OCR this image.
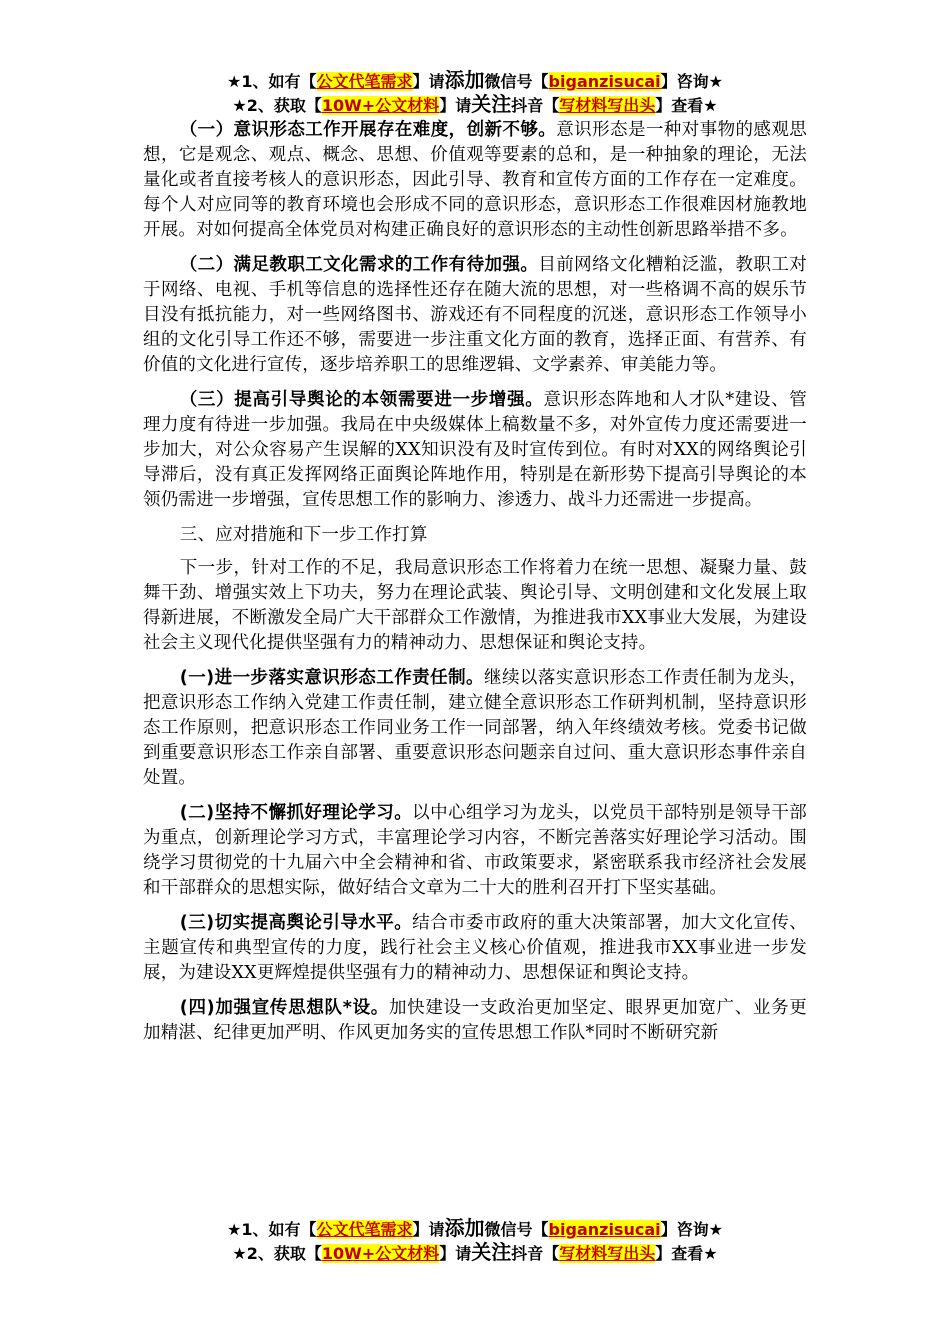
★1、如有【公文代笔需求】请添加微信号【biganzisucai】咨询★
★2、获取【10W+公文材料】请关注抖音【写材料写出头】查看★

（一）意识形态工作开展存在难度，创新不够。意识形态是一种对事物的感观思想，它是观念、观点、概念、思想、价值观等要素的总和，是一种抽象的理论，无法量化或者直接考核人的意识形态，因此引导、教育和宣传方面的工作存在一定难度。每个人对应同等的教育环境也会形成不同的意识形态，意识形态工作很难因材施教地开展。对如何提高全体党员对构建正确良好的意识形态的主动性创新思路举措不多。

（二）满足教职工文化需求的工作有待加强。目前网络文化糟粕泛滥，教职工对于网络、电视、手机等信息的选择性还存在随大流的思想，对一些格调不高的娱乐节目没有抵抗能力，对一些网络图书、游戏还有不同程度的沉迷，意识形态工作领导小组的文化引导工作还不够，需要进一步注重文化方面的教育，选择正面、有营养、有价值的文化进行宣传，逐步培养职工的思维逻辑、文学素养、审美能力等。

（三）提高引导舆论的本领需要进一步增强。意识形态阵地和人才队*建设、管理力度有待进一步加强。我局在中央级媒体上稿数量不多，对外宣传力度还需要进一步加大，对公众容易产生误解的XX知识没有及时宣传到位。有时对XX的网络舆论引导滞后，没有真正发挥网络正面舆论阵地作用，特别是在新形势下提高引导舆论的本领仍需进一步增强，宣传思想工作的影响力、渗透力、战斗力还需进一步提高。

三、应对措施和下一步工作打算

下一步，针对工作的不足，我局意识形态工作将着力在统一思想、凝聚力量、鼓舞干劲、增强实效上下功夫，努力在理论武装、舆论引导、文明创建和文化发展上取得新进展，不断激发全局广大干部群众工作激情，为推进我市XX事业大发展，为建设社会主义现代化提供坚强有力的精神动力、思想保证和舆论支持。

(一)进一步落实意识形态工作责任制。继续以落实意识形态工作责任制为龙头，把意识形态工作纳入党建工作责任制，建立健全意识形态工作研判机制，坚持意识形态工作原则，把意识形态工作同业务工作一同部署，纳入年终绩效考核。党委书记做到重要意识形态工作亲自部署、重要意识形态问题亲自过问、重大意识形态事件亲自处置。

(二)坚持不懈抓好理论学习。以中心组学习为龙头，以党员干部特别是领导干部为重点，创新理论学习方式，丰富理论学习内容，不断完善落实好理论学习活动。围绕学习贯彻党的十九届六中全会精神和省、市政策要求，紧密联系我市经济社会发展和干部群众的思想实际，做好结合文章为二十大的胜利召开打下坚实基础。

(三)切实提高舆论引导水平。结合市委市政府的重大决策部署，加大文化宣传、主题宣传和典型宣传的力度，践行社会主义核心价值观，推进我市XX事业进一步发展，为建设XX更辉煌提供坚强有力的精神动力、思想保证和舆论支持。

(四)加强宣传思想队*设。加快建设一支政治更加坚定、眼界更加宽广、业务更加精湛、纪律更加严明、作风更加务实的宣传思想工作队*同时不断研究新

★1、如有【公文代笔需求】请添加微信号【biganzisucai】咨询★
★2、获取【10W+公文材料】请关注抖音【写材料写出头】查看★
